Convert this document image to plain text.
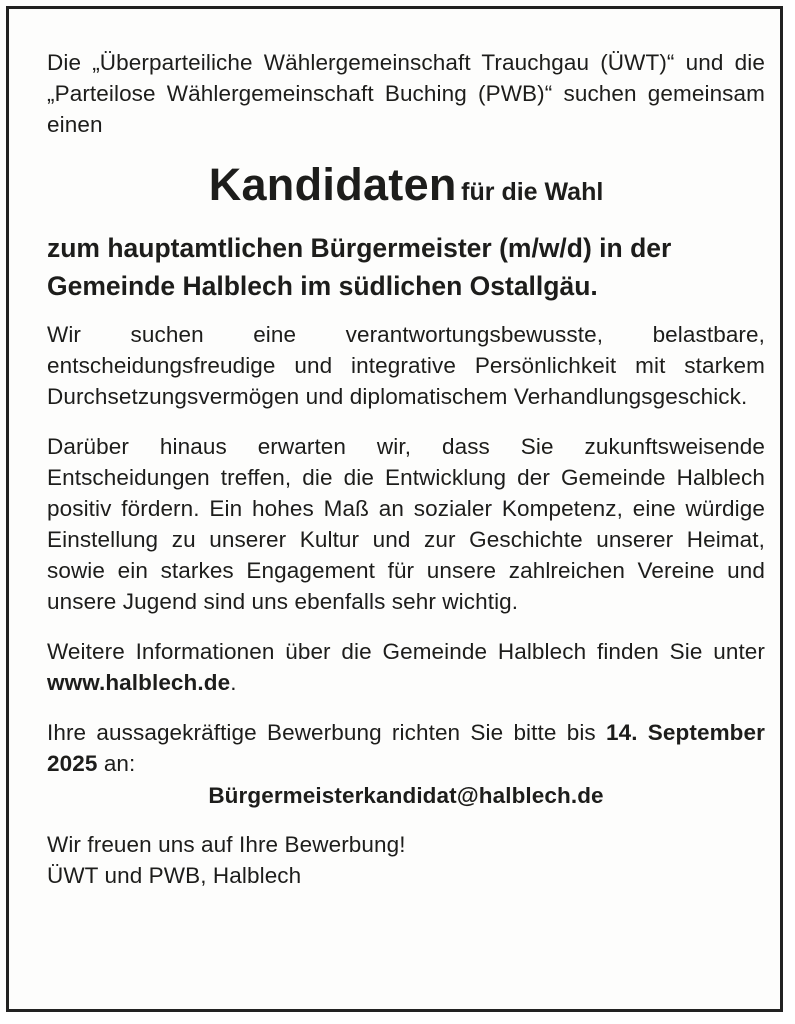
Die „Überparteiliche Wählergemeinschaft Trauchgau (ÜWT)“ und die „Parteilose Wählergemeinschaft Buching (PWB)“ suchen gemeinsam einen

Kandidaten für die Wahl
zum hauptamtlichen Bürgermeister (m/w/d) in der Gemeinde Halblech im südlichen Ostallgäu.

Wir suchen eine verantwortungsbewusste, belastbare, entscheidungsfreudige und integrative Persönlichkeit mit starkem Durchsetzungsvermögen und diplomatischem Verhandlungsgeschick.

Darüber hinaus erwarten wir, dass Sie zukunftsweisende Entscheidungen treffen, die die Entwicklung der Gemeinde Halblech positiv fördern. Ein hohes Maß an sozialer Kompetenz, eine würdige Einstellung zu unserer Kultur und zur Geschichte unserer Heimat, sowie ein starkes Engagement für unsere zahlreichen Vereine und unsere Jugend sind uns ebenfalls sehr wichtig.

Weitere Informationen über die Gemeinde Halblech finden Sie unter www.halblech.de.

Ihre aussagekräftige Bewerbung richten Sie bitte bis 14. September 2025 an:

Bürgermeisterkandidat@halblech.de

Wir freuen uns auf Ihre Bewerbung!

ÜWT und PWB, Halblech
